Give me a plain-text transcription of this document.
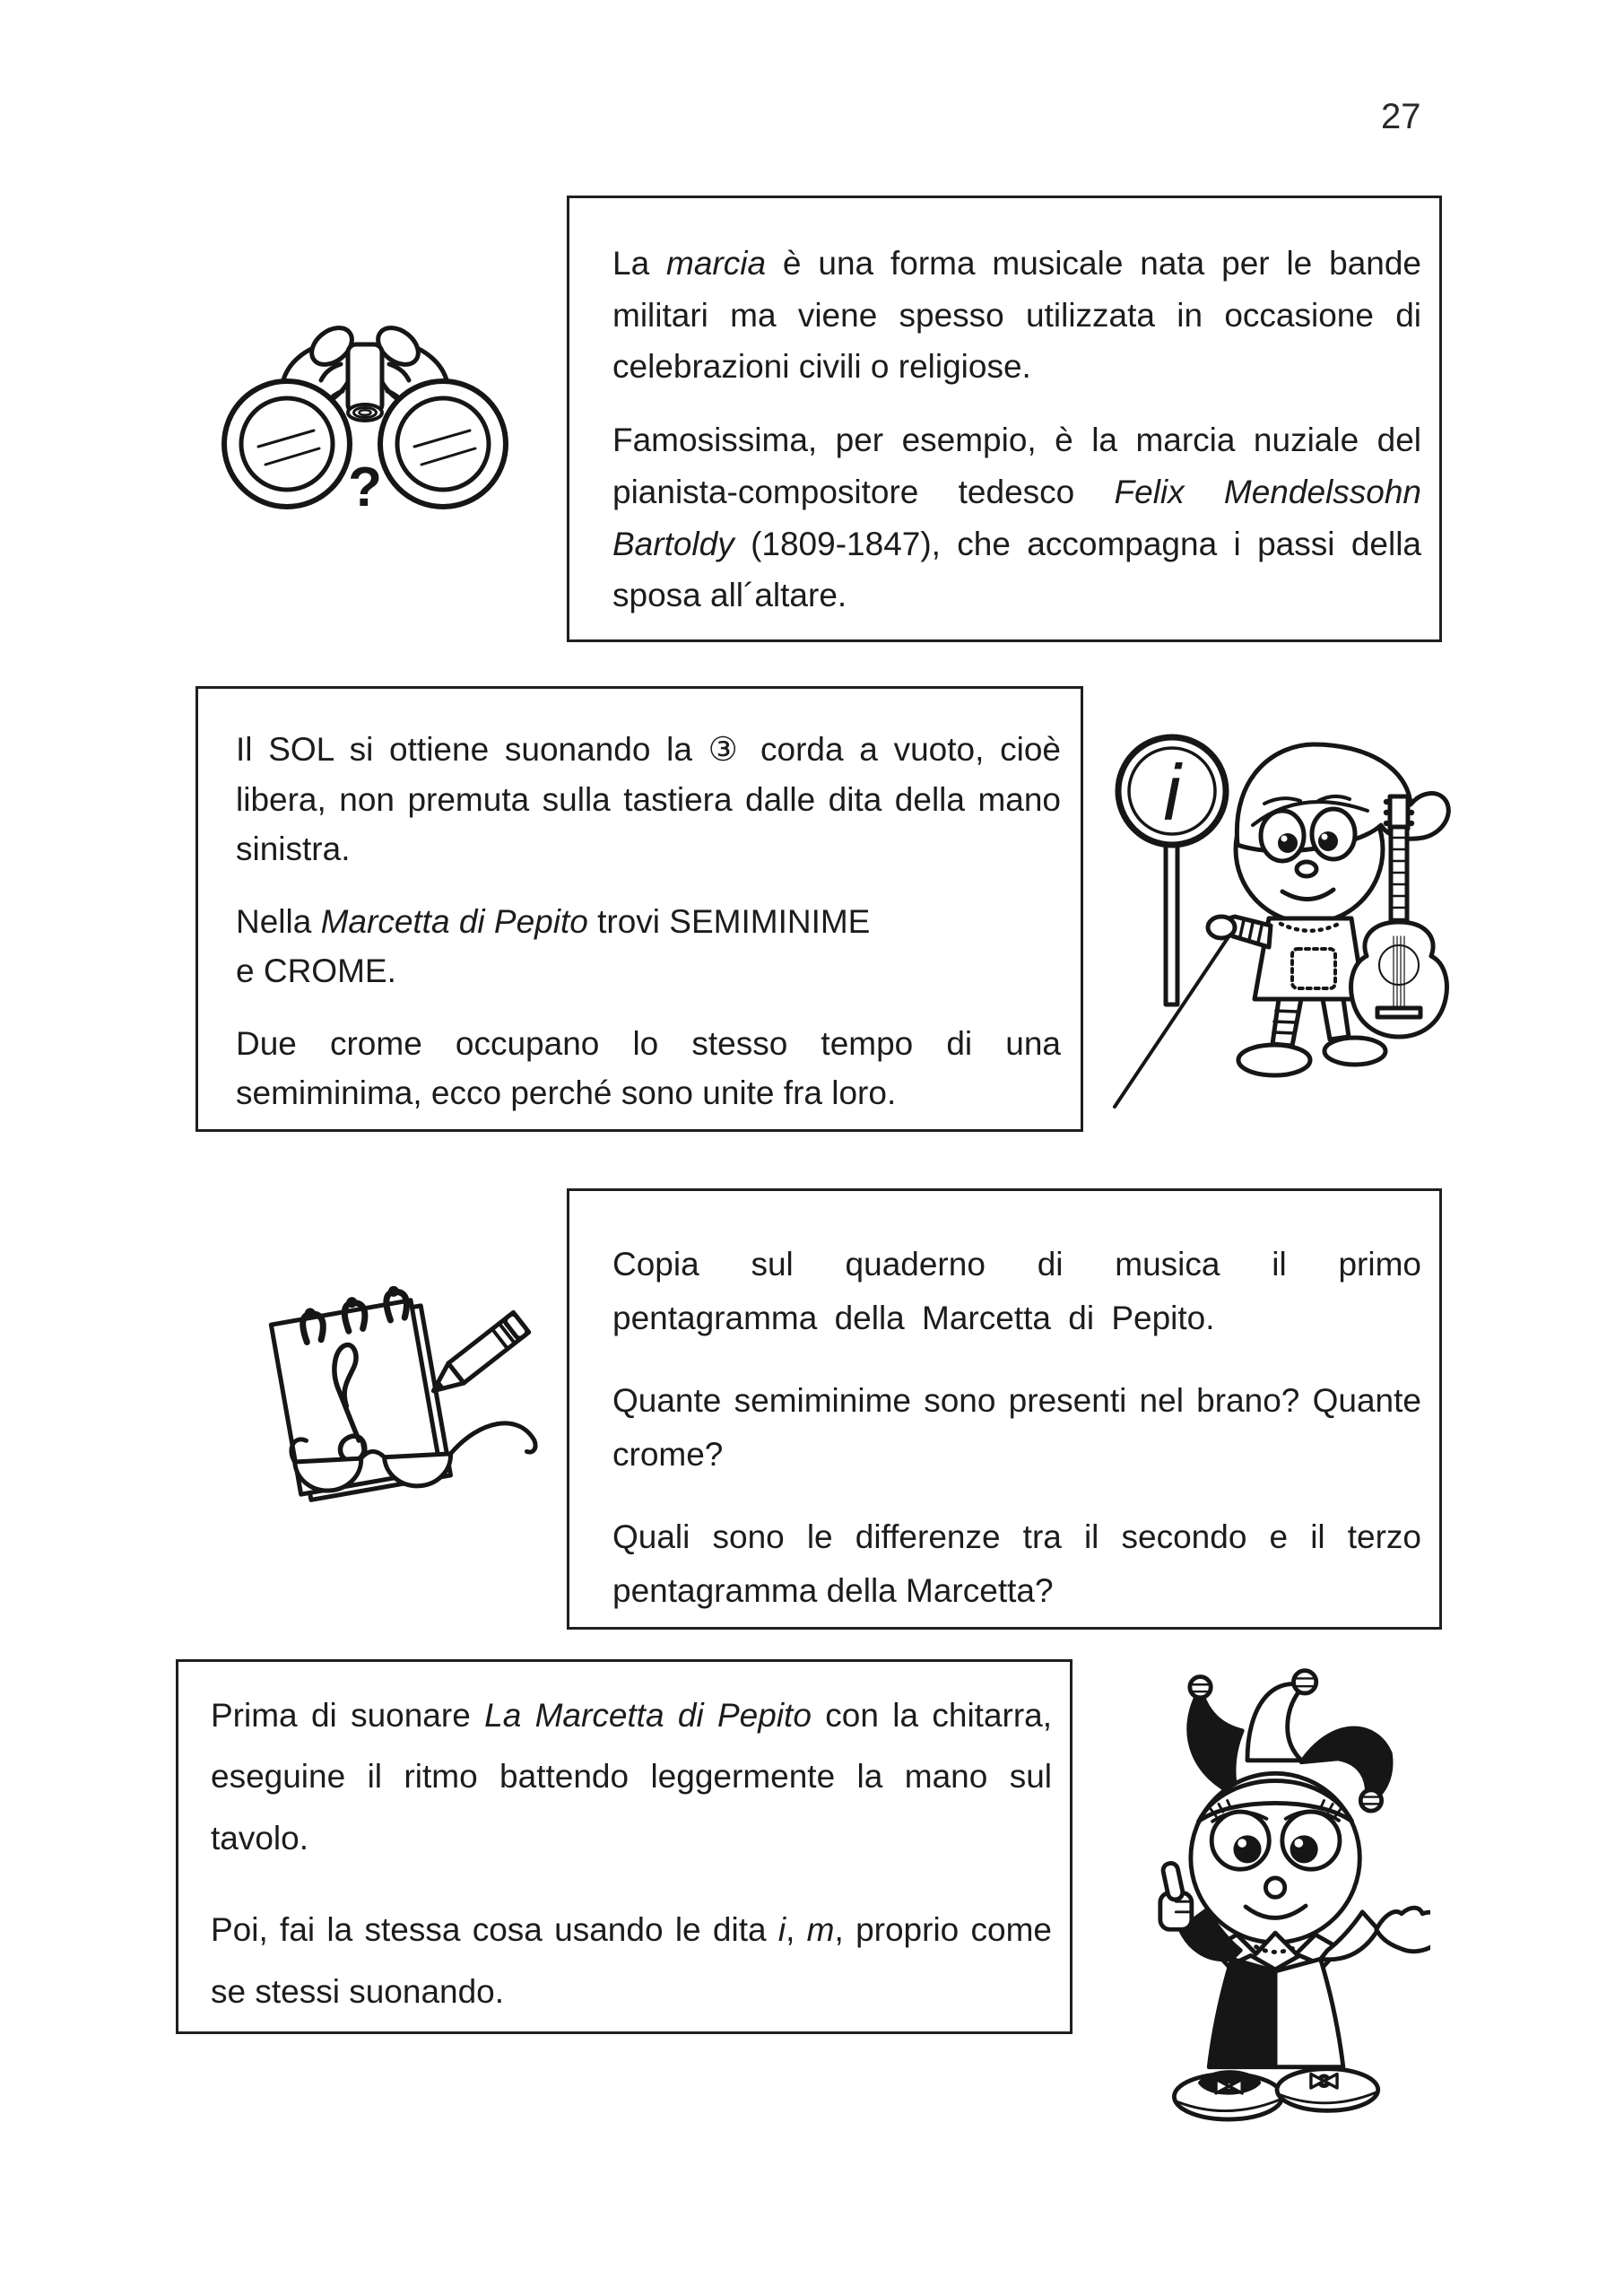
27

La marcia è una forma musicale nata per le bande militari ma viene spesso utilizzata in occasione di celebrazioni civili o religiose.

Famosissima, per esempio, è la marcia nuziale del pianista-compositore tedesco Felix Mendelssohn Bartoldy (1809-1847), che accompagna i passi della sposa all´altare.

?

Il SOL si ottiene suonando la ③ corda a vuoto, cioè libera, non premuta sulla tastiera dalle dita della mano sinistra.

Nella Marcetta di Pepito trovi SEMIMINIME
e CROME.

Due crome occupano lo stesso tempo di una semiminima, ecco perché sono unite fra loro.

i

Copia sul quaderno di musica il primo pentagramma della Marcetta di Pepito.

Quante semiminime sono presenti nel brano? Quante crome?

Quali sono le differenze tra il secondo e il terzo pentagramma della Marcetta?

Prima di suonare La Marcetta di Pepito con la chitarra, eseguine il ritmo battendo leggermente la mano sul tavolo.

Poi, fai la stessa cosa usando le dita i, m, proprio come se stessi suonando.
